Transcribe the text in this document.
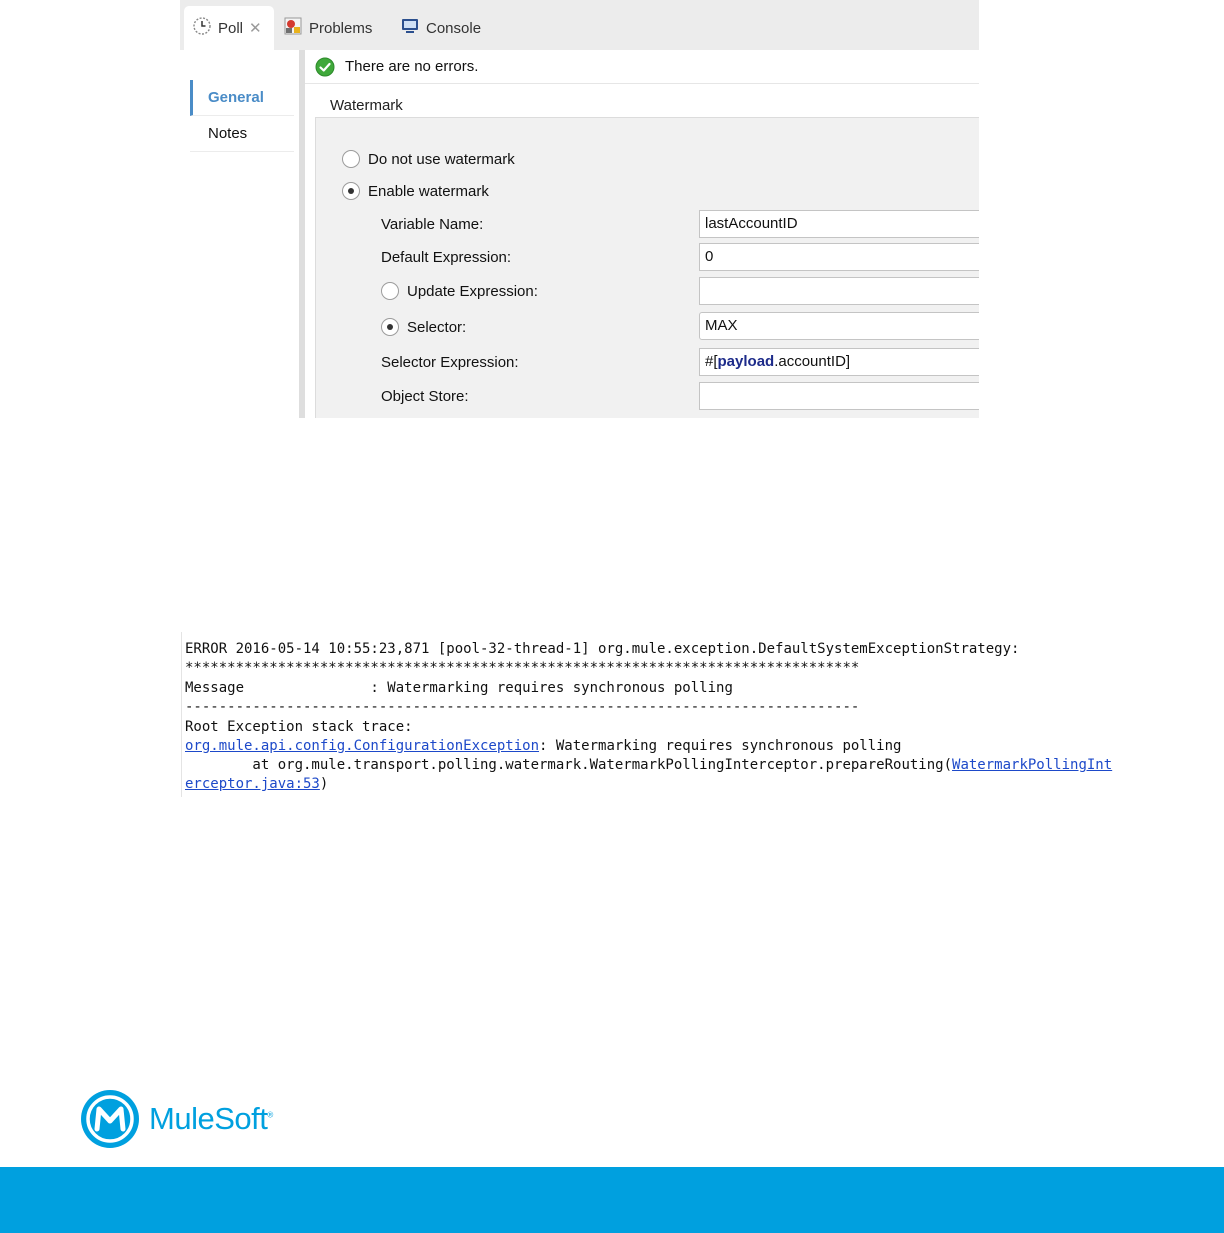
Poll ✕	Problems	Console
General
Notes
There are no errors.
Watermark
Do not use watermark
Enable watermark
Variable Name:	lastAccountID
Default Expression:	0
Update Expression:
Selector:	MAX
Selector Expression:	#[payload.accountID]
Object Store:
ERROR 2016-05-14 10:55:23,871 [pool-32-thread-1] org.mule.exception.DefaultSystemExceptionStrategy:
********************************************************************************
Message               : Watermarking requires synchronous polling
--------------------------------------------------------------------------------
Root Exception stack trace:
org.mule.api.config.ConfigurationException: Watermarking requires synchronous polling
at org.mule.transport.polling.watermark.WatermarkPollingInterceptor.prepareRouting(WatermarkPollingInt
erceptor.java:53)
MuleSoft®
